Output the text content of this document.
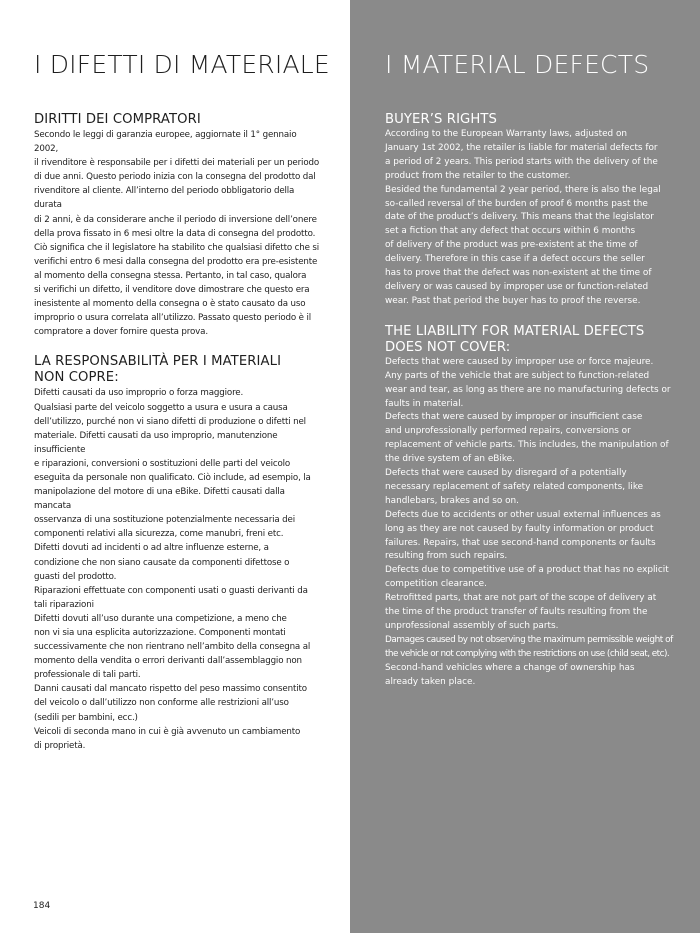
I DIFETTI DI MATERIALE
DIRITTI DEI COMPRATORI

Secondo le leggi di garanzia europee, aggiornate il 1° gennaio 2002,
il rivenditore è responsabile per i difetti dei materiali per un periodo
di due anni. Questo periodo inizia con la consegna del prodotto dal
rivenditore al cliente. All’interno del periodo obbligatorio della durata
di 2 anni, è da considerare anche il periodo di inversione dell’onere
della prova fissato in 6 mesi oltre la data di consegna del prodotto.
Ciò significa che il legislatore ha stabilito che qualsiasi difetto che si
verifichi entro 6 mesi dalla consegna del prodotto era pre-esistente
al momento della consegna stessa. Pertanto, in tal caso, qualora
si verifichi un difetto, il venditore dove dimostrare che questo era
inesistente al momento della consegna o è stato causato da uso
improprio o usura correlata all’utilizzo. Passato questo periodo è il
compratore a dover fornire questa prova.

LA RESPONSABILITÀ PER I MATERIALI
NON COPRE:

Difetti causati da uso improprio o forza maggiore.
Qualsiasi parte del veicolo soggetto a usura e usura a causa
dell’utilizzo, purché non vi siano difetti di produzione o difetti nel
materiale. Difetti causati da uso improprio, manutenzione insufficiente
e riparazioni, conversioni o sostituzioni delle parti del veicolo
eseguita da personale non qualificato. Ciò include, ad esempio, la
manipolazione del motore di una eBike. Difetti causati dalla mancata
osservanza di una sostituzione potenzialmente necessaria dei
componenti relativi alla sicurezza, come manubri, freni etc.
Difetti dovuti ad incidenti o ad altre influenze esterne, a
condizione che non siano causate da componenti difettose o
guasti del prodotto.
Riparazioni effettuate con componenti usati o guasti derivanti da
tali riparazioni
Difetti dovuti all’uso durante una competizione, a meno che
non vi sia una esplicita autorizzazione. Componenti montati
successivamente che non rientrano nell’ambito della consegna al
momento della vendita o errori derivanti dall’assemblaggio non
professionale di tali parti.
Danni causati dal mancato rispetto del peso massimo consentito
del veicolo o dall’utilizzo non conforme alle restrizioni all’uso
(sedili per bambini, ecc.)
Veicoli di seconda mano in cui è già avvenuto un cambiamento
di proprietà.

184
I MATERIAL DEFECTS
BUYER’S RIGHTS

According to the European Warranty laws, adjusted on
January 1st 2002, the retailer is liable for material defects for
a period of 2 years. This period starts with the delivery of the
product from the retailer to the customer.
Besided the fundamental 2 year period, there is also the legal
so-called reversal of the burden of proof 6 months past the
date of the product’s delivery. This means that the legislator
set a fiction that any defect that occurs within 6 months
of delivery of the product was pre-existent at the time of
delivery. Therefore in this case if a defect occurs the seller
has to prove that the defect was non-existent at the time of
delivery or was caused by improper use or function-related
wear. Past that period the buyer has to proof the reverse.

THE LIABILITY FOR MATERIAL DEFECTS
DOES NOT COVER:

Defects that were caused by improper use or force majeure.
Any parts of the vehicle that are subject to function-related
wear and tear, as long as there are no manufacturing defects or
faults in material.
Defects that were caused by improper or insufficient case
and unprofessionally performed repairs, conversions or
replacement of vehicle parts. This includes, the manipulation of
the drive system of an eBike.
Defects that were caused by disregard of a potentially
necessary replacement of safety related components, like
handlebars, brakes and so on.
Defects due to accidents or other usual external influences as
long as they are not caused by faulty information or product
failures. Repairs, that use second-hand components or faults
resulting from such repairs.
Defects due to competitive use of a product that has no explicit
competition clearance.
Retrofitted parts, that are not part of the scope of delivery at
the time of the product transfer of faults resulting from the
unprofessional assembly of such parts.
Damages caused by not observing the maximum permissible weight of
the vehicle or not complying with the restrictions on use (child seat, etc).
Second-hand vehicles where a change of ownership has
already taken place.
